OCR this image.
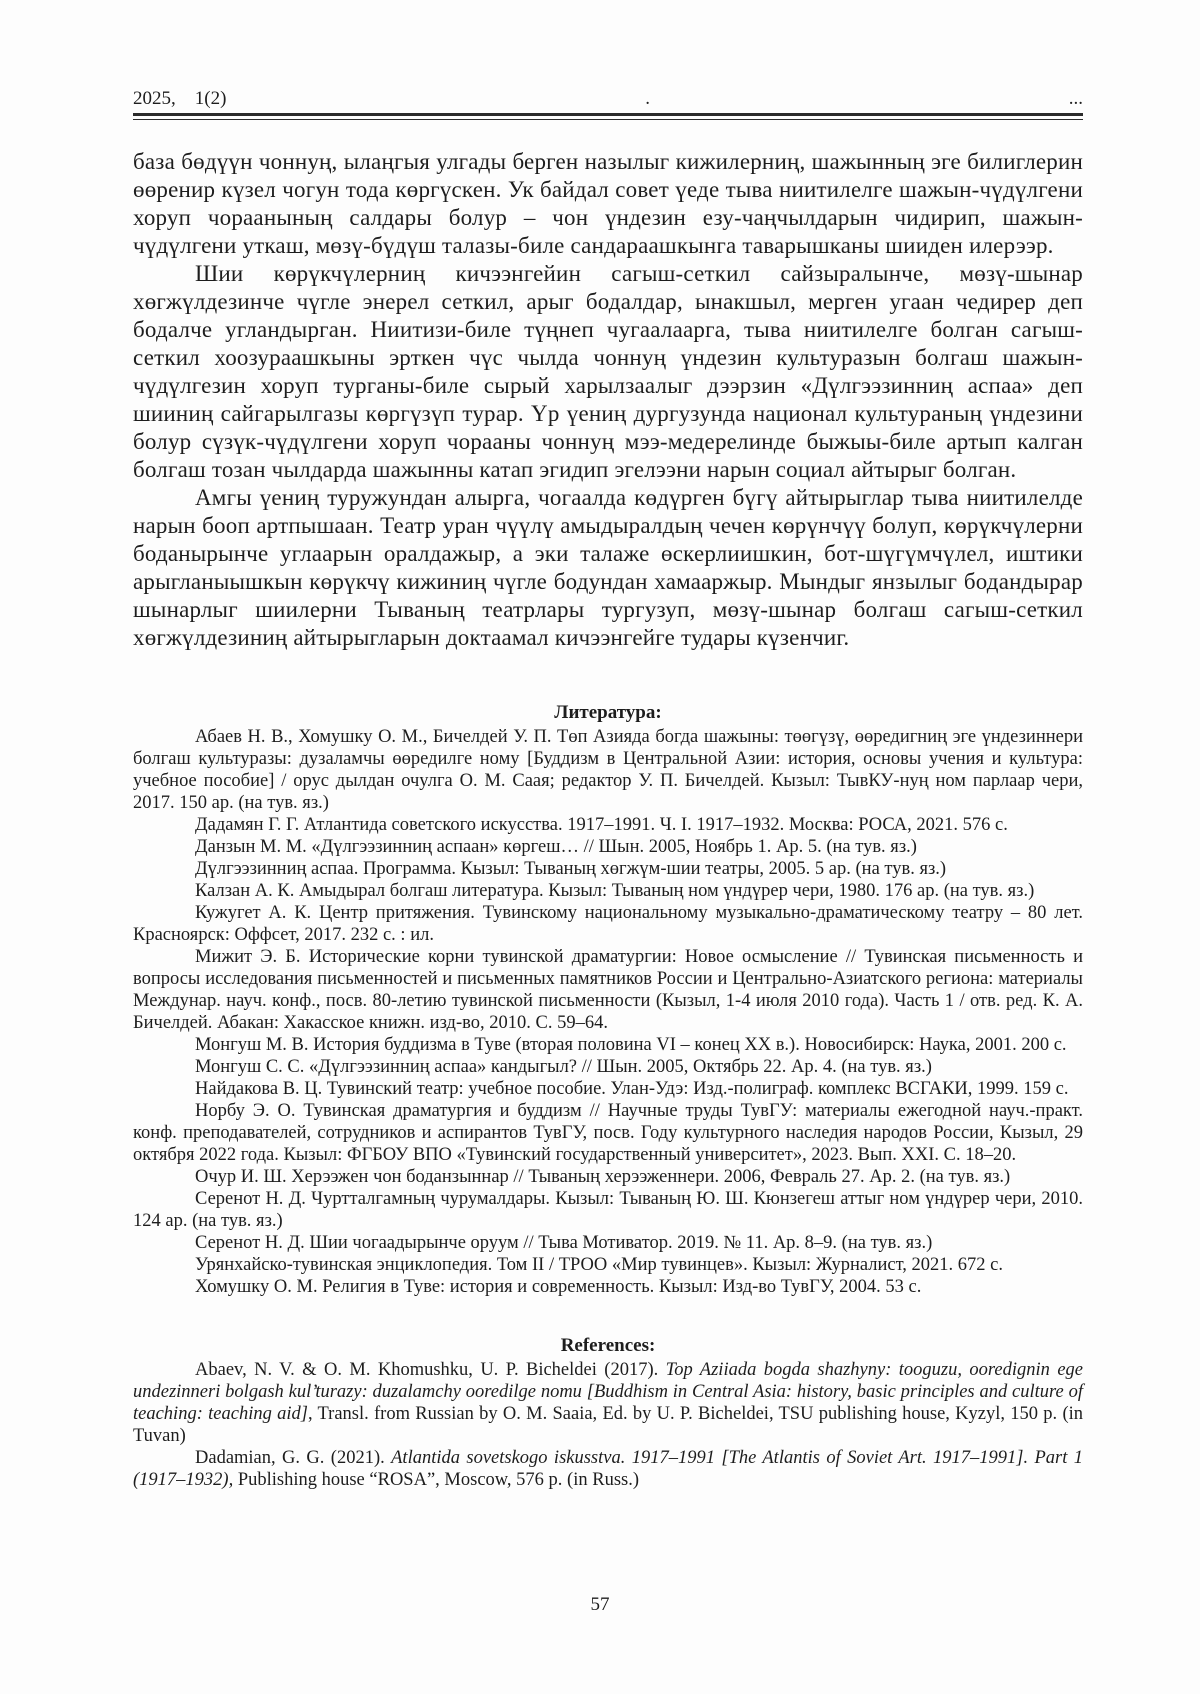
2025,    1(2)	.	...

база бөдүүн чоннуң, ылаңгыя улгады берген назылыг кижилерниң, шажынның эге билиглерин өөренир күзел чогун тода көргүскен. Ук байдал совет үеде тыва ниитилелге шажын-чүдүлгени хоруп чораанының салдары болур – чон үндезин езу-чаңчылдарын чидирип, шажын-чүдүлгени уткаш, мөзү-бүдүш талазы-биле сандараашкынга таварышканы шииден илерээр.

Шии көрүкчүлерниң кичээнгейин сагыш-сеткил сайзыралынче, мөзү-шынар хөгжүлдезинче чүгле энерел сеткил, арыг бодалдар, ынакшыл, мерген угаан чедирер деп бодалче угландырган. Ниитизи-биле түңнеп чугаалаарга, тыва ниитилелге болган сагыш-сеткил хоозураашкыны эрткен чүс чылда чоннуң үндезин культуразын болгаш шажын-чүдүлгезин хоруп турганы-биле сырый харылзаалыг дээрзин «Дүлгээзинниң аспаа» деп шииниң сайгарылгазы көргүзүп турар. Үр үениң дургузунда национал культураның үндезини болур сүзүк-чүдүлгени хоруп чорааны чоннуң мээ-медерелинде быжыы-биле артып калган болгаш тозан чылдарда шажынны катап эгидип эгелээни нарын социал айтырыг болган.

Амгы үениң туружундан алырга, чогаалда көдүрген бүгү айтырыглар тыва ниитилелде нарын бооп артпышаан. Театр уран чүүлү амыдыралдың чечен көрүнчүү болуп, көрүкчүлерни боданырынче углаарын оралдажыр, а эки талаже өскерлиишкин, бот-шүгүмчүлел, иштики арыгланыышкын көрүкчү кижиниң чүгле бодундан хамааржыр. Мындыг янзылыг бодандырар шынарлыг шиилерни Тываның театрлары тургузуп, мөзү-шынар болгаш сагыш-сеткил хөгжүлдезиниң айтырыгларын доктаамал кичээнгейге тудары күзенчиг.

Литература:

Абаев Н. В., Хомушку О. М., Бичелдей У. П. Төп Азияда богда шажыны: төөгүзү, өөредигниң эге үндезиннери болгаш культуразы: дузаламчы өөредилге ному [Буддизм в Центральной Азии: история, основы учения и культура: учебное пособие] / орус дылдан очулга О. М. Саая; редактор У. П. Бичелдей. Кызыл: ТывКУ-нуң ном парлаар чери, 2017. 150 ар. (на тув. яз.)

Дадамян Г. Г. Атлантида советского искусства. 1917–1991. Ч. I. 1917–1932. Москва: РОСА, 2021. 576 с.

Данзын М. М. «Дүлгээзинниң аспаан» көргеш… // Шын. 2005, Ноябрь 1. Ар. 5. (на тув. яз.)

Дүлгээзинниң аспаа. Программа. Кызыл: Тываның хөгжүм-шии театры, 2005. 5 ар. (на тув. яз.)

Калзан А. К. Амыдырал болгаш литература. Кызыл: Тываның ном үндүрер чери, 1980. 176 ар. (на тув. яз.)

Кужугет А. К. Центр притяжения. Тувинскому национальному музыкально-драматическому театру – 80 лет. Красноярск: Оффсет, 2017. 232 с. : ил.

Мижит Э. Б. Исторические корни тувинской драматургии: Новое осмысление // Тувинская письменность и вопросы исследования письменностей и письменных памятников России и Центрально-Азиатского региона: материалы Междунар. науч. конф., посв. 80-летию тувинской письменности (Кызыл, 1-4 июля 2010 года). Часть 1 / отв. ред. К. А. Бичелдей. Абакан: Хакасское книжн. изд-во, 2010. С. 59–64.

Монгуш М. В. История буддизма в Туве (вторая половина VI – конец XX в.). Новосибирск: Наука, 2001. 200 с.

Монгуш С. С. «Дүлгээзинниң аспаа» кандыгыл? // Шын. 2005, Октябрь 22. Ар. 4. (на тув. яз.)

Найдакова В. Ц. Тувинский театр: учебное пособие. Улан-Удэ: Изд.-полиграф. комплекс ВСГАКИ, 1999. 159 с.

Норбу Э. О. Тувинская драматургия и буддизм // Научные труды ТувГУ: материалы ежегодной науч.-практ. конф. преподавателей, сотрудников и аспирантов ТувГУ, посв. Году культурного наследия народов России, Кызыл, 29 октября 2022 года. Кызыл: ФГБОУ ВПО «Тувинский государственный университет», 2023. Вып. XXI. С. 18–20.

Очур И. Ш. Херээжен чон боданзыннар // Тываның херээженнери. 2006, Февраль 27. Ар. 2. (на тув. яз.)

Серенот Н. Д. Чуртталгамның чурумалдары. Кызыл: Тываның Ю. Ш. Кюнзегеш аттыг ном үндүрер чери, 2010. 124 ар. (на тув. яз.)

Серенот Н. Д. Шии чогаадырынче оруум // Тыва Мотиватор. 2019. № 11. Ар. 8–9. (на тув. яз.)

Урянхайско-тувинская энциклопедия. Том II / ТРОО «Мир тувинцев». Кызыл: Журналист, 2021. 672 с.

Хомушку О. М. Религия в Туве: история и современность. Кызыл: Изд-во ТувГУ, 2004. 53 с.

References:

Abaev, N. V. & O. M. Khomushku, U. P. Bicheldei (2017). Top Aziiada bogda shazhyny: tooguzu, ooredignin ege undezinneri bolgash kul’turazy: duzalamchy ooredilge nomu [Buddhism in Central Asia: history, basic principles and culture of teaching: teaching aid], Transl. from Russian by O. M. Saaia, Ed. by U. P. Bicheldei, TSU publishing house, Kyzyl, 150 p. (in Tuvan)

Dadamian, G. G. (2021). Atlantida sovetskogo iskusstva. 1917–1991 [The Atlantis of Soviet Art. 1917–1991]. Part 1 (1917–1932), Publishing house “ROSA”, Moscow, 576 p. (in Russ.)

57
